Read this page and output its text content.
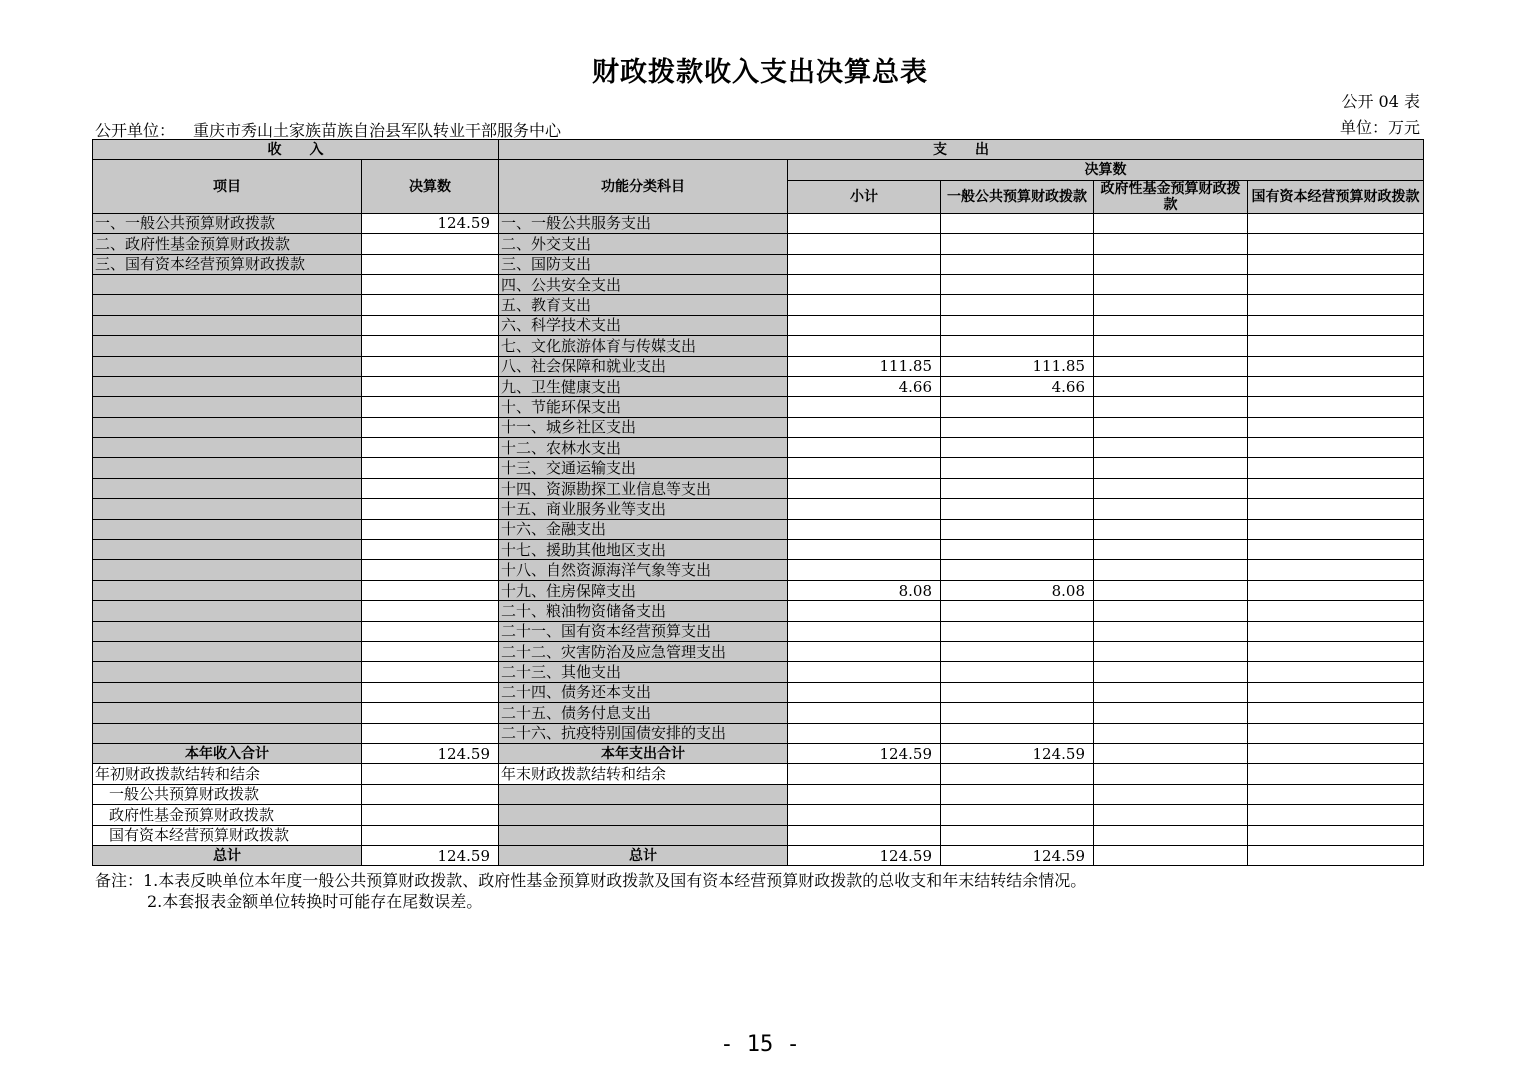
财政拨款收入支出决算总表
公开 04 表
公开单位： 重庆市秀山土家族苗族自治县军队转业干部服务中心	单位：万元
收　　入		支　　出				
项目	决算数	功能分类科目	决算数			
			小计	一般公共预算财政拨款	政府性基金预算财政拨款	国有资本经营预算财政拨款

一、一般公共预算财政拨款	124.59	一、一般公共服务支出				
二、政府性基金预算财政拨款		二、外交支出				
三、国有资本经营预算财政拨款		三、国防支出				
		四、公共安全支出				
		五、教育支出				
		六、科学技术支出				
		七、文化旅游体育与传媒支出				
		八、社会保障和就业支出	111.85	111.85		
		九、卫生健康支出	4.66	4.66		
		十、节能环保支出				
		十一、城乡社区支出				
		十二、农林水支出				
		十三、交通运输支出				
		十四、资源勘探工业信息等支出				
		十五、商业服务业等支出				
		十六、金融支出				
		十七、援助其他地区支出				
		十八、自然资源海洋气象等支出				
		十九、住房保障支出	8.08	8.08		
		二十、粮油物资储备支出				
		二十一、国有资本经营预算支出				
		二十二、灾害防治及应急管理支出				
		二十三、其他支出				
		二十四、债务还本支出				
		二十五、债务付息支出				
		二十六、抗疫特别国债安排的支出				
本年收入合计	124.59	本年支出合计	124.59	124.59		
年初财政拨款结转和结余		年末财政拨款结转和结余				
一般公共预算财政拨款						
政府性基金预算财政拨款						
国有资本经营预算财政拨款						
总计	124.59	总计	124.59	124.59		
备注：1.本表反映单位本年度一般公共预算财政拨款、政府性基金预算财政拨款及国有资本经营预算财政拨款的总收支和年末结转结余情况。
2.本套报表金额单位转换时可能存在尾数误差。
- 15 -
